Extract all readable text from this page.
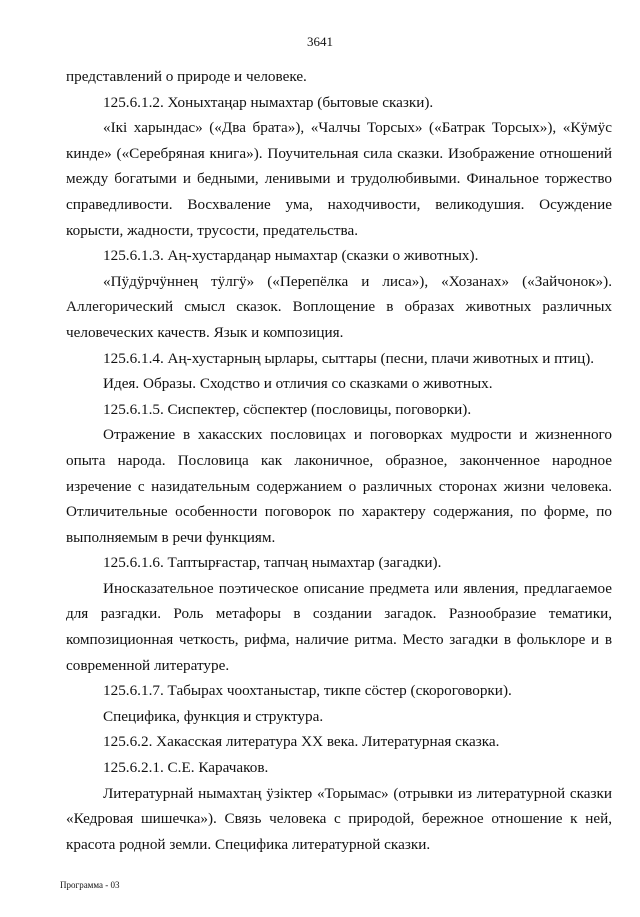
3641

представлений о природе и человеке.

125.6.1.2. Хоныхтаңар нымахтар (бытовые сказки).

«Ікі харындас» («Два брата»), «Чалчы Торсых» («Батрак Торсых»), «Кӱмӱс кинде» («Серебряная книга»). Поучительная сила сказки. Изображение отношений между богатыми и бедными, ленивыми и трудолюбивыми. Финальное торжество справедливости. Восхваление ума, находчивости, великодушия. Осуждение корысти, жадности, трусости, предательства.

125.6.1.3. Аң-хустардаңар нымахтар (сказки о животных).

«Пӱдӱрчӱннең тӱлгӱ» («Перепёлка и лиса»), «Хозанах» («Зайчонок»). Аллегорический смысл сказок. Воплощение в образах животных различных человеческих качеств. Язык и композиция.

125.6.1.4. Аң-хустарның ырлары, сыттары (песни, плачи животных и птиц).

Идея. Образы. Сходство и отличия со сказками о животных.

125.6.1.5. Сиспектер, сӧспектер (пословицы, поговорки).

Отражение в хакасских пословицах и поговорках мудрости и жизненного опыта народа. Пословица как лаконичное, образное, законченное народное изречение с назидательным содержанием о различных сторонах жизни человека. Отличительные особенности поговорок по характеру содержания, по форме, по выполняемым в речи функциям.

125.6.1.6. Таптырғастар, тапчаң нымахтар (загадки).

Иносказательное поэтическое описание предмета или явления, предлагаемое для разгадки. Роль метафоры в создании загадок. Разнообразие тематики, композиционная четкость, рифма, наличие ритма. Место загадки в фольклоре и в современной литературе.

125.6.1.7. Табырах чоохтаныстар, тикпе сӧстер (скороговорки).

Специфика, функция и структура.

125.6.2. Хакасская литература XX века. Литературная сказка.

125.6.2.1. С.Е. Карачаков.

Литературнай нымахтаң ӱзіктер «Торымас» (отрывки из литературной сказки «Кедровая шишечка»). Связь человека с природой, бережное отношение к ней, красота родной земли. Специфика литературной сказки.

Программа - 03
